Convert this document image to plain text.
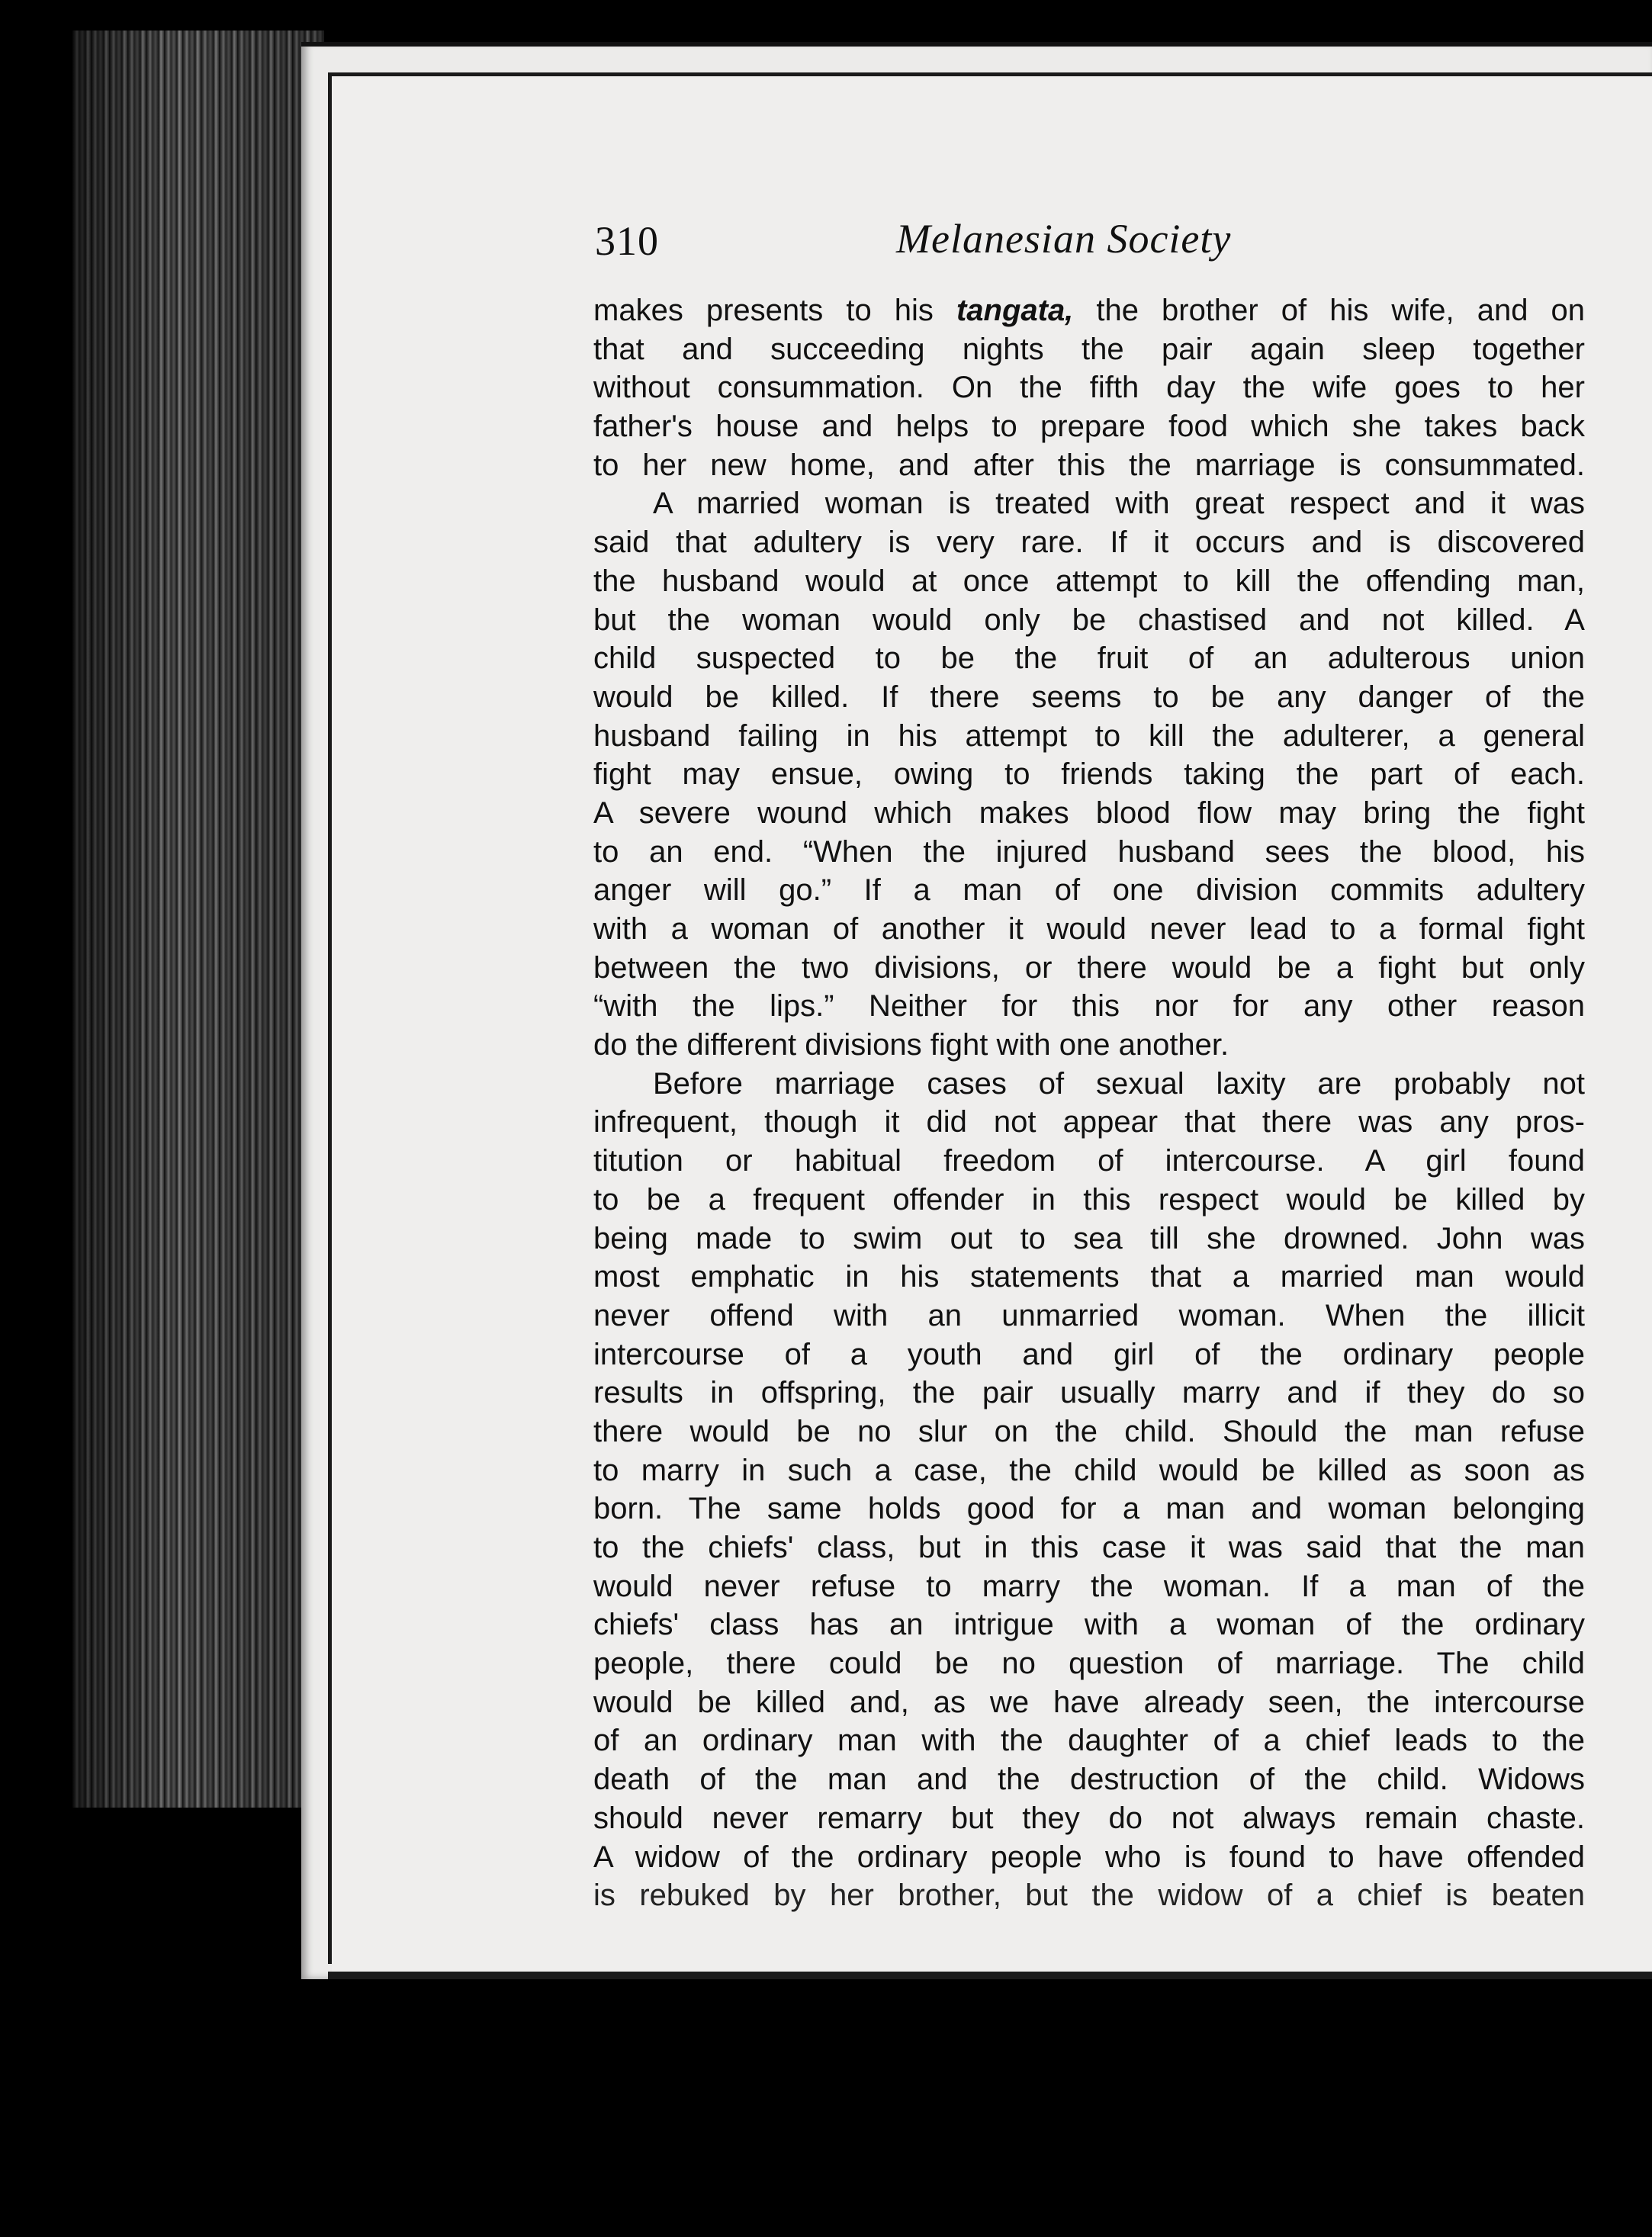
310	Melanesian Society
makes presents to his tangata, the brother of his wife, and on
that and succeeding nights the pair again sleep together
without consummation. On the fifth day the wife goes to her
father's house and helps to prepare food which she takes back
to her new home, and after this the marriage is consummated.
A married woman is treated with great respect and it was
said that adultery is very rare. If it occurs and is discovered
the husband would at once attempt to kill the offending man,
but the woman would only be chastised and not killed. A
child suspected to be the fruit of an adulterous union
would be killed. If there seems to be any danger of the
husband failing in his attempt to kill the adulterer, a general
fight may ensue, owing to friends taking the part of each.
A severe wound which makes blood flow may bring the fight
to an end. “When the injured husband sees the blood, his
anger will go.” If a man of one division commits adultery
with a woman of another it would never lead to a formal fight
between the two divisions, or there would be a fight but only
“with the lips.” Neither for this nor for any other reason
do the different divisions fight with one another.
Before marriage cases of sexual laxity are probably not
infrequent, though it did not appear that there was any pros-
titution or habitual freedom of intercourse. A girl found
to be a frequent offender in this respect would be killed by
being made to swim out to sea till she drowned. John was
most emphatic in his statements that a married man would
never offend with an unmarried woman. When the illicit
intercourse of a youth and girl of the ordinary people
results in offspring, the pair usually marry and if they do so
there would be no slur on the child. Should the man refuse
to marry in such a case, the child would be killed as soon as
born. The same holds good for a man and woman belonging
to the chiefs' class, but in this case it was said that the man
would never refuse to marry the woman. If a man of the
chiefs' class has an intrigue with a woman of the ordinary
people, there could be no question of marriage. The child
would be killed and, as we have already seen, the intercourse
of an ordinary man with the daughter of a chief leads to the
death of the man and the destruction of the child. Widows
should never remarry but they do not always remain chaste.
A widow of the ordinary people who is found to have offended
is rebuked by her brother, but the widow of a chief is beaten
